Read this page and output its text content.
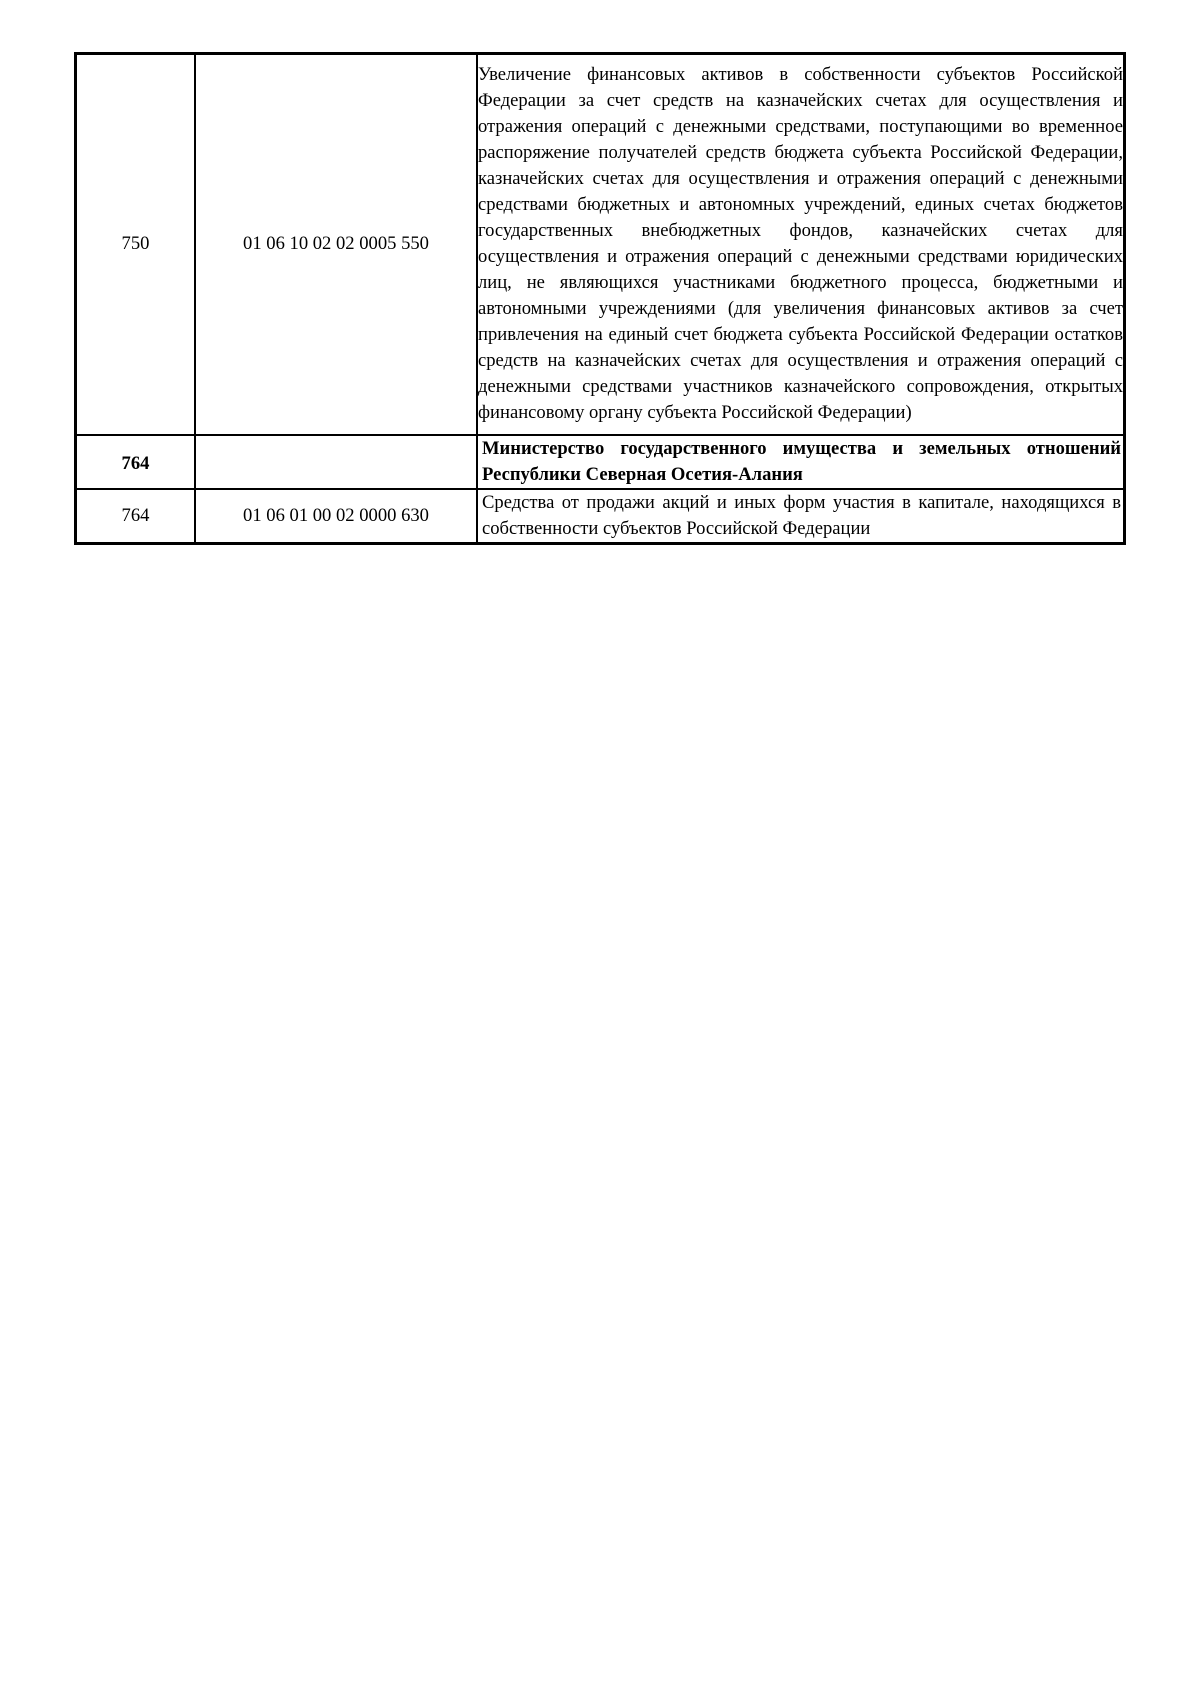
750	01 06 10 02 02 0005 550	Увеличение финансовых активов в собственности субъектов Российской Федерации за счет средств на казначейских счетах для осуществления и отражения операций с денежными средствами, поступающими во временное распоряжение получателей средств бюджета субъекта Российской Федерации, казначейских счетах для осуществления и отражения операций с денежными средствами бюджетных и автономных учреждений, единых счетах бюджетов государственных внебюджетных фондов, казначейских счетах для осуществления и отражения операций с денежными средствами юридических лиц, не являющихся участниками бюджетного процесса, бюджетными и автономными учреждениями (для увеличения финансовых активов за счет привлечения на единый счет бюджета субъекта Российской Федерации остатков средств на казначейских счетах для осуществления и отражения операций с денежными средствами участников казначейского сопровождения, открытых финансовому органу субъекта Российской Федерации)
764		Министерство государственного имущества и земельных отношений Республики Северная Осетия-Алания
764	01 06 01 00 02 0000 630	Средства от продажи акций и иных форм участия в капитале, находящихся в собственности субъектов Российской Федерации
